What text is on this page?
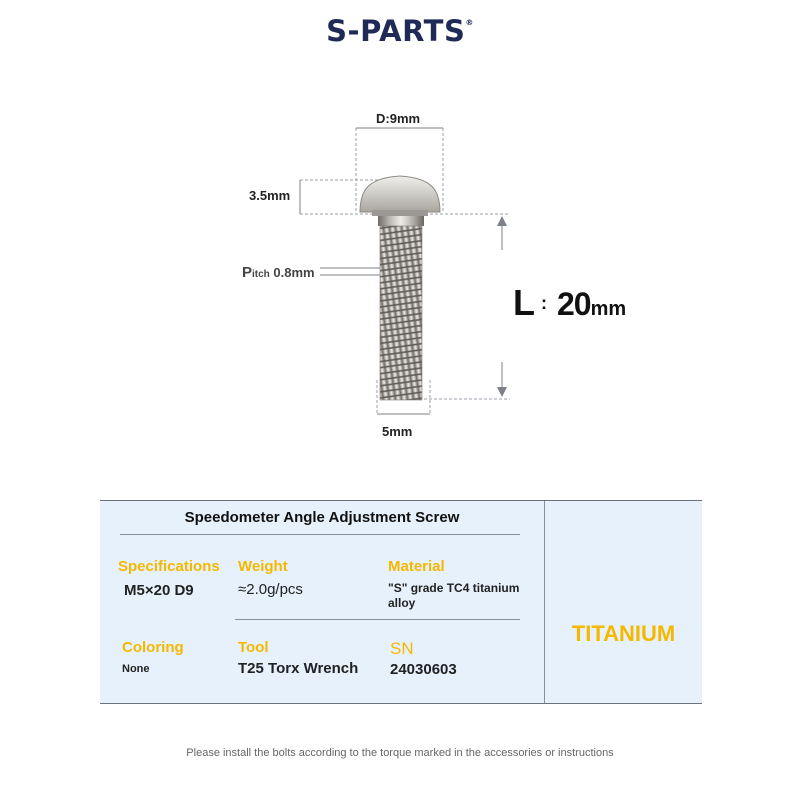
S-PARTS®
D:9mm
3.5mm
Pitch 0.8mm
5mm
L : 20mm
Speedometer Angle Adjustment Screw
Specifications
M5×20 D9
Weight
≈2.0g/pcs
Material
"S" grade TC4 titanium alloy
Coloring
None
Tool
T25 Torx Wrench
SN
24030603
TITANIUM
Please install the bolts according to the torque marked in the accessories or instructions
